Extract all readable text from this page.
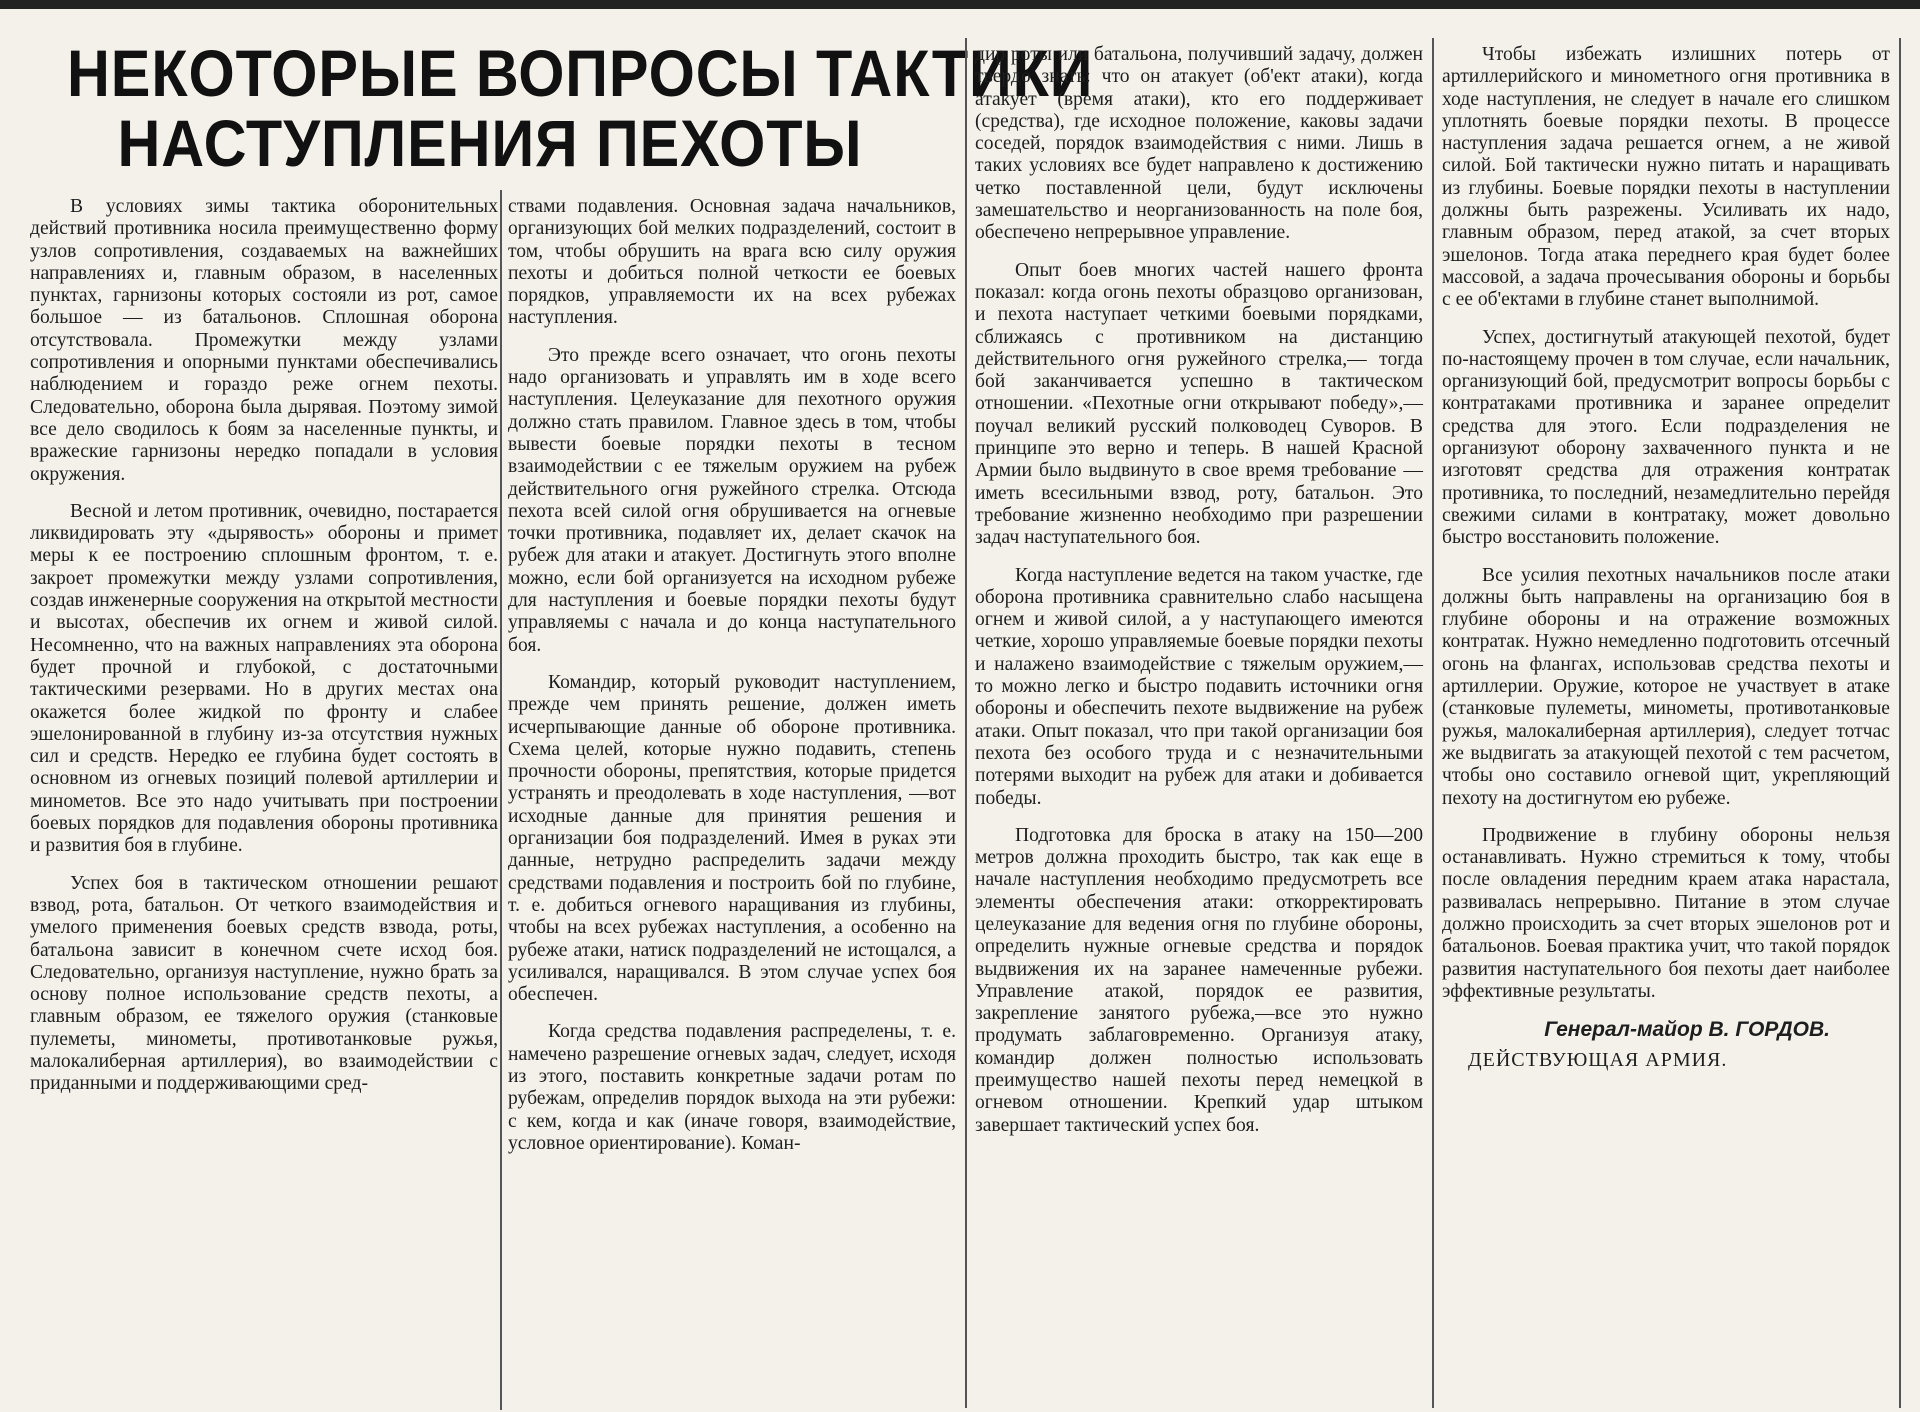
НЕКОТОРЫЕ ВОПРОСЫ ТАКТИКИ
НАСТУПЛЕНИЯ ПЕХОТЫ

В условиях зимы тактика оборонительных действий противника носила преимущественно форму узлов сопротивления, создаваемых на важнейших направлениях и, главным образом, в населенных пунктах, гарнизоны которых состояли из рот, самое большое — из батальонов. Сплошная оборона отсутствовала. Промежутки между узлами сопротивления и опорными пунктами обеспечивались наблюдением и гораздо реже огнем пехоты. Следовательно, оборона была дырявая. Поэтому зимой все дело сводилось к боям за населенные пункты, и вражеские гарнизоны нередко попадали в условия окружения.

Весной и летом противник, очевидно, постарается ликвидировать эту «дырявость» обороны и примет меры к ее построению сплошным фронтом, т. е. закроет промежутки между узлами сопротивления, создав инженерные сооружения на открытой местности и высотах, обеспечив их огнем и живой силой. Несомненно, что на важных направлениях эта оборона будет прочной и глубокой, с достаточными тактическими резервами. Но в других местах она окажется более жидкой по фронту и слабее эшелонированной в глубину из-за отсутствия нужных сил и средств. Нередко ее глубина будет состоять в основном из огневых позиций полевой артиллерии и минометов. Все это надо учитывать при построении боевых порядков для подавления обороны противника и развития боя в глубине.

Успех боя в тактическом отношении решают взвод, рота, батальон. От четкого взаимодействия и умелого применения боевых средств взвода, роты, батальона зависит в конечном счете исход боя. Следовательно, организуя наступление, нужно брать за основу полное использование средств пехоты, а главным образом, ее тяжелого оружия (станковые пулеметы, минометы, противотанковые ружья, малокалиберная артиллерия), во взаимодействии с приданными и поддерживающими сред-

ствами подавления. Основная задача начальников, организующих бой мелких подразделений, состоит в том, чтобы обрушить на врага всю силу оружия пехоты и добиться полной четкости ее боевых порядков, управляемости их на всех рубежах наступления.

Это прежде всего означает, что огонь пехоты надо организовать и управлять им в ходе всего наступления. Целеуказание для пехотного оружия должно стать правилом. Главное здесь в том, чтобы вывести боевые порядки пехоты в тесном взаимодействии с ее тяжелым оружием на рубеж действительного огня ружейного стрелка. Отсюда пехота всей силой огня обрушивается на огневые точки противника, подавляет их, делает скачок на рубеж для атаки и атакует. Достигнуть этого вполне можно, если бой организуется на исходном рубеже для наступления и боевые порядки пехоты будут управляемы с начала и до конца наступательного боя.

Командир, который руководит наступлением, прежде чем принять решение, должен иметь исчерпывающие данные об обороне противника. Схема целей, которые нужно подавить, степень прочности обороны, препятствия, которые придется устранять и преодолевать в ходе наступления, —вот исходные данные для принятия решения и организации боя подразделений. Имея в руках эти данные, нетрудно распределить задачи между средствами подавления и построить бой по глубине, т. е. добиться огневого наращивания из глубины, чтобы на всех рубежах наступления, а особенно на рубеже атаки, натиск подразделений не истощался, а усиливался, наращивался. В этом случае успех боя обеспечен.

Когда средства подавления распределены, т. е. намечено разрешение огневых задач, следует, исходя из этого, поставить конкретные задачи ротам по рубежам, определив порядок выхода на эти рубежи: с кем, когда и как (иначе говоря, взаимодействие, условное ориентирование). Коман-

дир роты или батальона, получивший задачу, должен твердо знать: что он атакует (об'ект атаки), когда атакует (время атаки), кто его поддерживает (средства), где исходное положение, каковы задачи соседей, порядок взаимодействия с ними. Лишь в таких условиях все будет направлено к достижению четко поставленной цели, будут исключены замешательство и неорганизованность на поле боя, обеспечено непрерывное управление.

Опыт боев многих частей нашего фронта показал: когда огонь пехоты образцово организован, и пехота наступает четкими боевыми порядками, сближаясь с противником на дистанцию действительного огня ружейного стрелка,— тогда бой заканчивается успешно в тактическом отношении. «Пехотные огни открывают победу»,— поучал великий русский полководец Суворов. В принципе это верно и теперь. В нашей Красной Армии было выдвинуто в свое время требование — иметь всесильными взвод, роту, батальон. Это требование жизненно необходимо при разрешении задач наступательного боя.

Когда наступление ведется на таком участке, где оборона противника сравнительно слабо насыщена огнем и живой силой, а у наступающего имеются четкие, хорошо управляемые боевые порядки пехоты и налажено взаимодействие с тяжелым оружием,— то можно легко и быстро подавить источники огня обороны и обеспечить пехоте выдвижение на рубеж атаки. Опыт показал, что при такой организации боя пехота без особого труда и с незначительными потерями выходит на рубеж для атаки и добивается победы.

Подготовка для броска в атаку на 150—200 метров должна проходить быстро, так как еще в начале наступления необходимо предусмотреть все элементы обеспечения атаки: откорректировать целеуказание для ведения огня по глубине обороны, определить нужные огневые средства и порядок выдвижения их на заранее намеченные рубежи. Управление атакой, порядок ее развития, закрепление занятого рубежа,—все это нужно продумать заблаговременно. Организуя атаку, командир должен полностью использовать преимущество нашей пехоты перед немецкой в огневом отношении. Крепкий удар штыком завершает тактический успех боя.

Чтобы избежать излишних потерь от артиллерийского и минометного огня противника в ходе наступления, не следует в начале его слишком уплотнять боевые порядки пехоты. В процессе наступления задача решается огнем, а не живой силой. Бой тактически нужно питать и наращивать из глубины. Боевые порядки пехоты в наступлении должны быть разрежены. Усиливать их надо, главным образом, перед атакой, за счет вторых эшелонов. Тогда атака переднего края будет более массовой, а задача прочесывания обороны и борьбы с ее об'ектами в глубине станет выполнимой.

Успех, достигнутый атакующей пехотой, будет по-настоящему прочен в том случае, если начальник, организующий бой, предусмотрит вопросы борьбы с контратаками противника и заранее определит средства для этого. Если подразделения не организуют оборону захваченного пункта и не изготовят средства для отражения контратак противника, то последний, незамедлительно перейдя свежими силами в контратаку, может довольно быстро восстановить положение.

Все усилия пехотных начальников после атаки должны быть направлены на организацию боя в глубине обороны и на отражение возможных контратак. Нужно немедленно подготовить отсечный огонь на флангах, использовав средства пехоты и артиллерии. Оружие, которое не участвует в атаке (станковые пулеметы, минометы, противотанковые ружья, малокалиберная артиллерия), следует тотчас же выдвигать за атакующей пехотой с тем расчетом, чтобы оно составило огневой щит, укрепляющий пехоту на достигнутом ею рубеже.

Продвижение в глубину обороны нельзя останавливать. Нужно стремиться к тому, чтобы после овладения передним краем атака нарастала, развивалась непрерывно. Питание в этом случае должно происходить за счет вторых эшелонов рот и батальонов. Боевая практика учит, что такой порядок развития наступательного боя пехоты дает наиболее эффективные результаты.

Генерал-майор В. ГОРДОВ.
ДЕЙСТВУЮЩАЯ АРМИЯ.
